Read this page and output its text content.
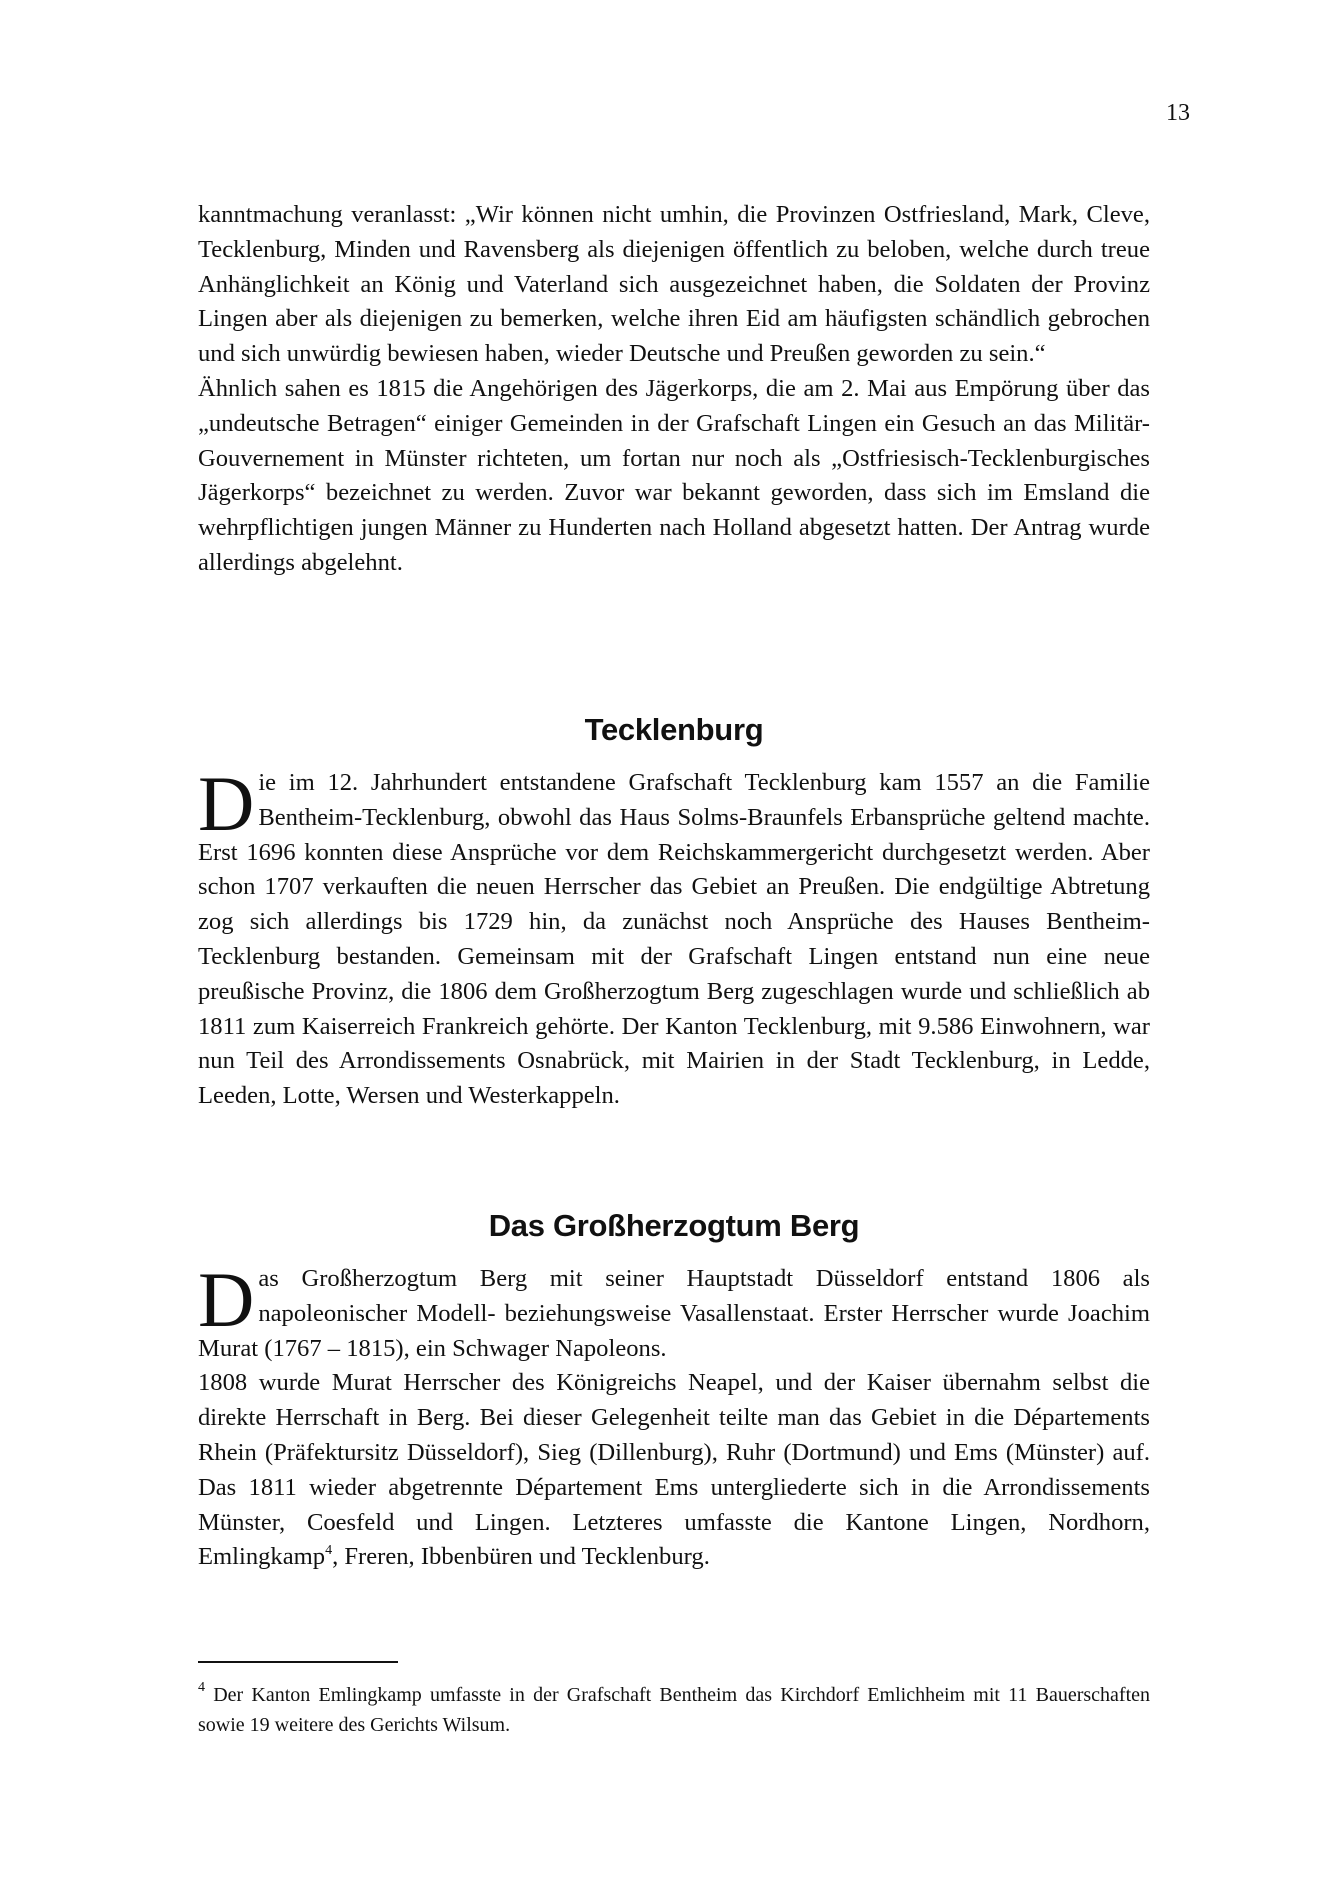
13

kanntmachung veranlasst: „Wir können nicht umhin, die Provinzen Ostfriesland, Mark, Cleve, Tecklenburg, Minden und Ravensberg als diejenigen öffentlich zu beloben, welche durch treue Anhänglichkeit an König und Vaterland sich ausgezeichnet haben, die Soldaten der Provinz Lingen aber als diejenigen zu bemerken, welche ihren Eid am häufigsten schändlich gebrochen und sich unwürdig bewiesen haben, wieder Deutsche und Preußen geworden zu sein.“

Ähnlich sahen es 1815 die Angehörigen des Jägerkorps, die am 2. Mai aus Empörung über das „undeutsche Betragen“ einiger Gemeinden in der Grafschaft Lingen ein Gesuch an das Militär-Gouvernement in Münster richteten, um fortan nur noch als „Ostfriesisch-Tecklenburgisches Jägerkorps“ bezeichnet zu werden. Zuvor war bekannt geworden, dass sich im Emsland die wehrpflichtigen jungen Männer zu Hunderten nach Holland abgesetzt hatten. Der Antrag wurde allerdings abgelehnt.

Tecklenburg

Die im 12. Jahrhundert entstandene Grafschaft Tecklenburg kam 1557 an die Familie Bentheim-Tecklenburg, obwohl das Haus Solms-Braunfels Erbansprüche geltend machte. Erst 1696 konnten diese Ansprüche vor dem Reichskammergericht durchgesetzt werden. Aber schon 1707 verkauften die neuen Herrscher das Gebiet an Preußen. Die endgültige Abtretung zog sich allerdings bis 1729 hin, da zunächst noch Ansprüche des Hauses Bentheim-Tecklenburg bestanden. Gemeinsam mit der Grafschaft Lingen entstand nun eine neue preußische Provinz, die 1806 dem Großherzogtum Berg zugeschlagen wurde und schließlich ab 1811 zum Kaiserreich Frankreich gehörte. Der Kanton Tecklenburg, mit 9.586 Einwohnern, war nun Teil des Arrondissements Osnabrück, mit Mairien in der Stadt Tecklenburg, in Ledde, Leeden, Lotte, Wersen und Westerkappeln.

Das Großherzogtum Berg

Das Großherzogtum Berg mit seiner Hauptstadt Düsseldorf entstand 1806 als napoleonischer Modell- beziehungsweise Vasallenstaat. Erster Herrscher wurde Joachim Murat (1767 – 1815), ein Schwager Napoleons.

1808 wurde Murat Herrscher des Königreichs Neapel, und der Kaiser übernahm selbst die direkte Herrschaft in Berg. Bei dieser Gelegenheit teilte man das Gebiet in die Départements Rhein (Präfektursitz Düsseldorf), Sieg (Dillenburg), Ruhr (Dortmund) und Ems (Münster) auf. Das 1811 wieder abgetrennte Département Ems untergliederte sich in die Arrondissements Münster, Coesfeld und Lingen. Letzteres umfasste die Kantone Lingen, Nordhorn, Emlingkamp$^4$, Freren, Ibbenbüren und Tecklenburg.

$^4$ Der Kanton Emlingkamp umfasste in der Grafschaft Bentheim das Kirchdorf Emlichheim mit 11 Bauerschaften sowie 19 weitere des Gerichts Wilsum.
